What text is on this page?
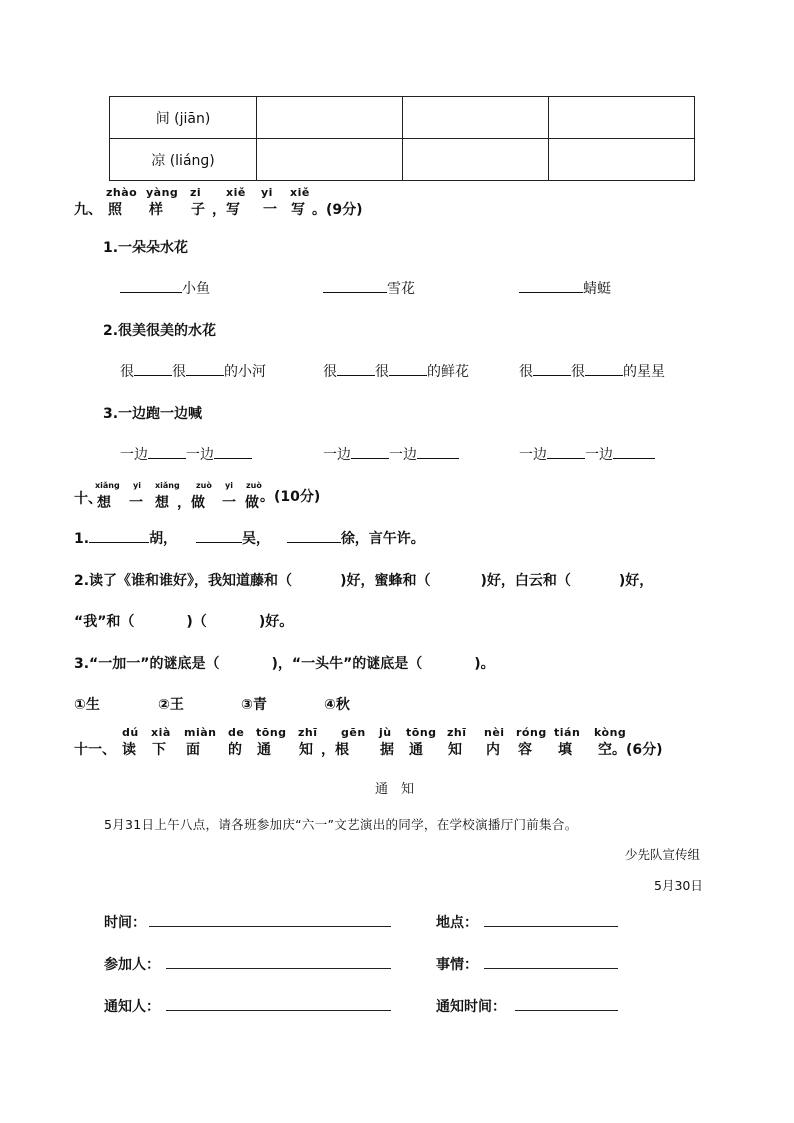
间 (jiān)			
凉 (liánɡ)			
zhào yàng zi xiě yi xiě
九、 照 样 子 ，写 一 写 。(9分)
1.一朵朵水花
小鱼	雪花	蜻蜓
2.很美很美的水花
很	很	的小河	很	很	的鲜花	很	很	的星星
3.一边跑一边喊
一边	一边	一边	一边	一边	一边
xiǎng yi xiǎng zuò yi zuò
十、
想 一 想 ，做 一 做 。(10分)
1.	胡，	吴，	徐，言午许。
2.读了《谁和谁好》，我知道藤和（	)好，蜜蜂和（	)好，白云和（	)好，
“我”和（	)（	)好。
3.“一加一”的谜底是（	)，“一头牛”的谜底是（	)。
①生	②王	③青	④秋
dú xià miàn de tōng zhī gēn jù tōng zhī nèi róng tián kòng
十一、 读 下 面 的 通 知 ，根 据 通 知 内 容 填 空 。(6分)
通　知
5月31日上午八点，请各班参加庆“六一”文艺演出的同学，在学校演播厅门前集合。
少先队宣传组
5月30日
时间：	地点：
参加人：	事情：
通知人：	通知时间：
